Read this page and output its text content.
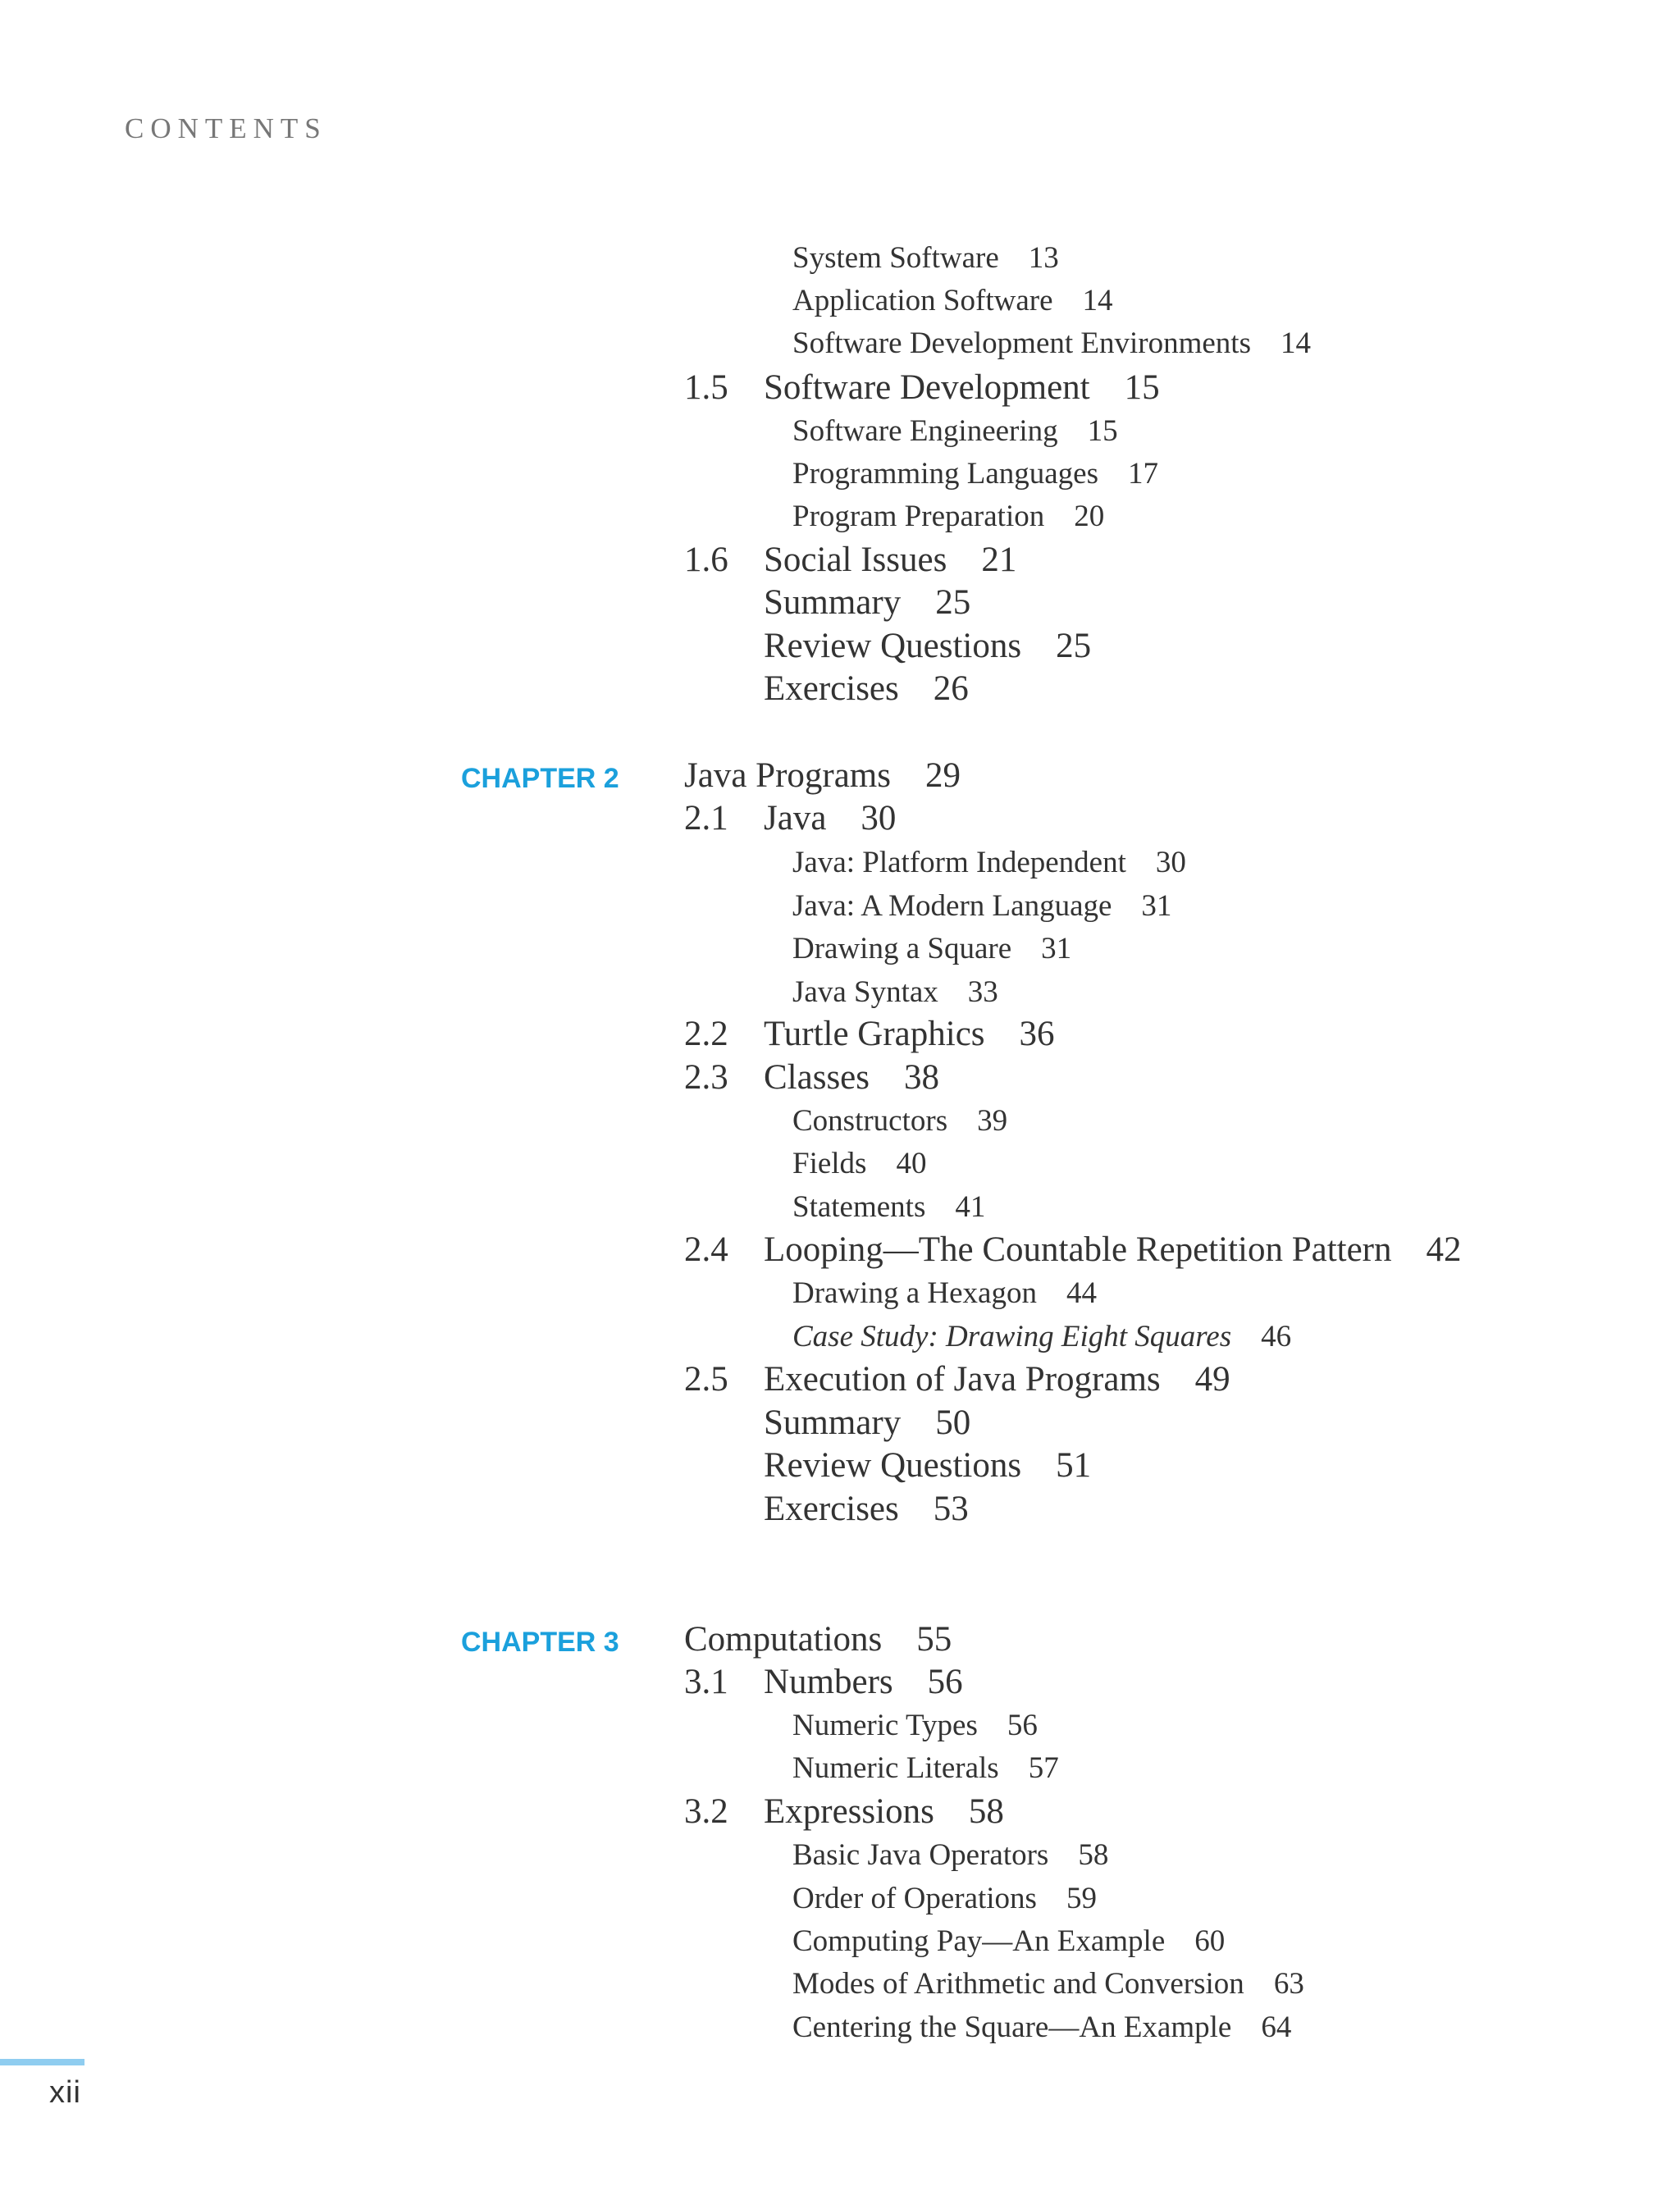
CONTENTS
System Software 13
Application Software 14
Software Development Environments 14
1.5 Software Development 15
Software Engineering 15
Programming Languages 17
Program Preparation 20
1.6 Social Issues 21
Summary 25
Review Questions 25
Exercises 26
CHAPTER 2 Java Programs 29
2.1 Java 30
Java: Platform Independent 30
Java: A Modern Language 31
Drawing a Square 31
Java Syntax 33
2.2 Turtle Graphics 36
2.3 Classes 38
Constructors 39
Fields 40
Statements 41
2.4 Looping—The Countable Repetition Pattern 42
Drawing a Hexagon 44
Case Study: Drawing Eight Squares 46
2.5 Execution of Java Programs 49
Summary 50
Review Questions 51
Exercises 53
CHAPTER 3 Computations 55
3.1 Numbers 56
Numeric Types 56
Numeric Literals 57
3.2 Expressions 58
Basic Java Operators 58
Order of Operations 59
Computing Pay—An Example 60
Modes of Arithmetic and Conversion 63
Centering the Square—An Example 64
xii
